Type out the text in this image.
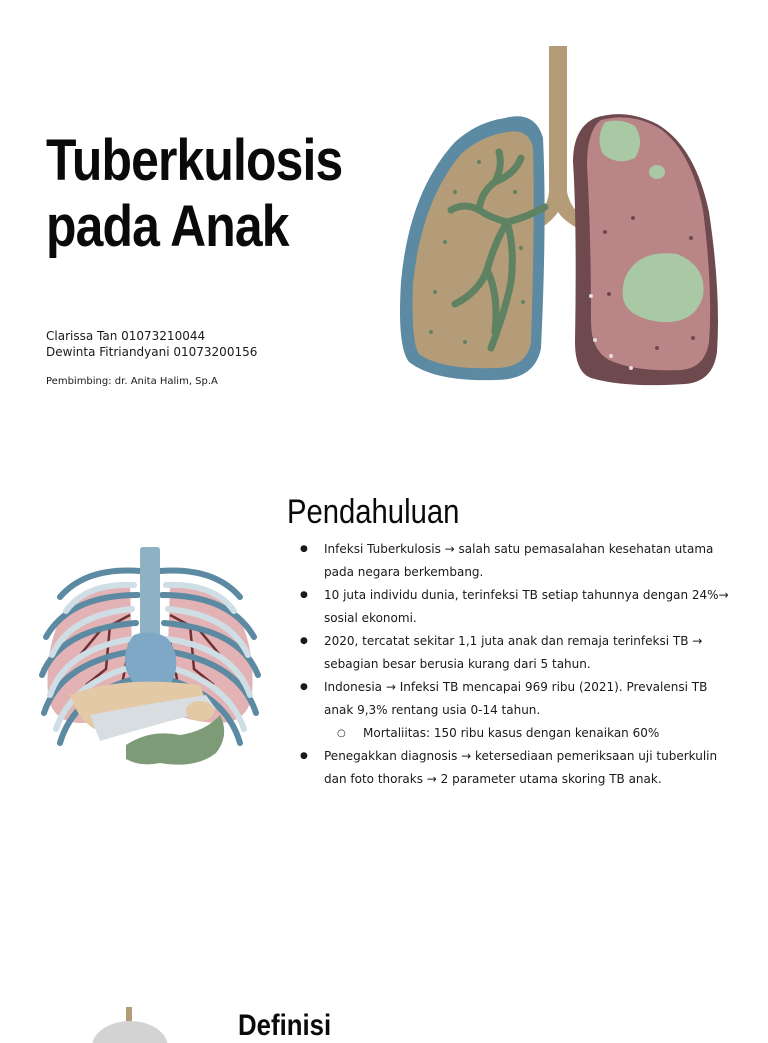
Tuberkulosis
pada Anak
Clarissa Tan 01073210044
Dewinta Fitriandyani 01073200156
Pembimbing: dr. Anita Halim, Sp.A
Pendahuluan
● Infeksi Tuberkulosis → salah satu pemasalahan kesehatan utama pada negara berkembang.
● 10 juta individu dunia, terinfeksi TB setiap tahunnya dengan 24%→ sosial ekonomi.
● 2020, tercatat sekitar 1,1 juta anak dan remaja terinfeksi TB → sebagian besar berusia kurang dari 5 tahun.
● Indonesia → Infeksi TB mencapai 969 ribu (2021). Prevalensi TB anak 9,3% rentang usia 0-14 tahun.
○ Mortaliitas: 150 ribu kasus dengan kenaikan 60%
● Penegakkan diagnosis → ketersediaan pemeriksaan uji tuberkulin dan foto thoraks → 2 parameter utama skoring TB anak.
Definisi
